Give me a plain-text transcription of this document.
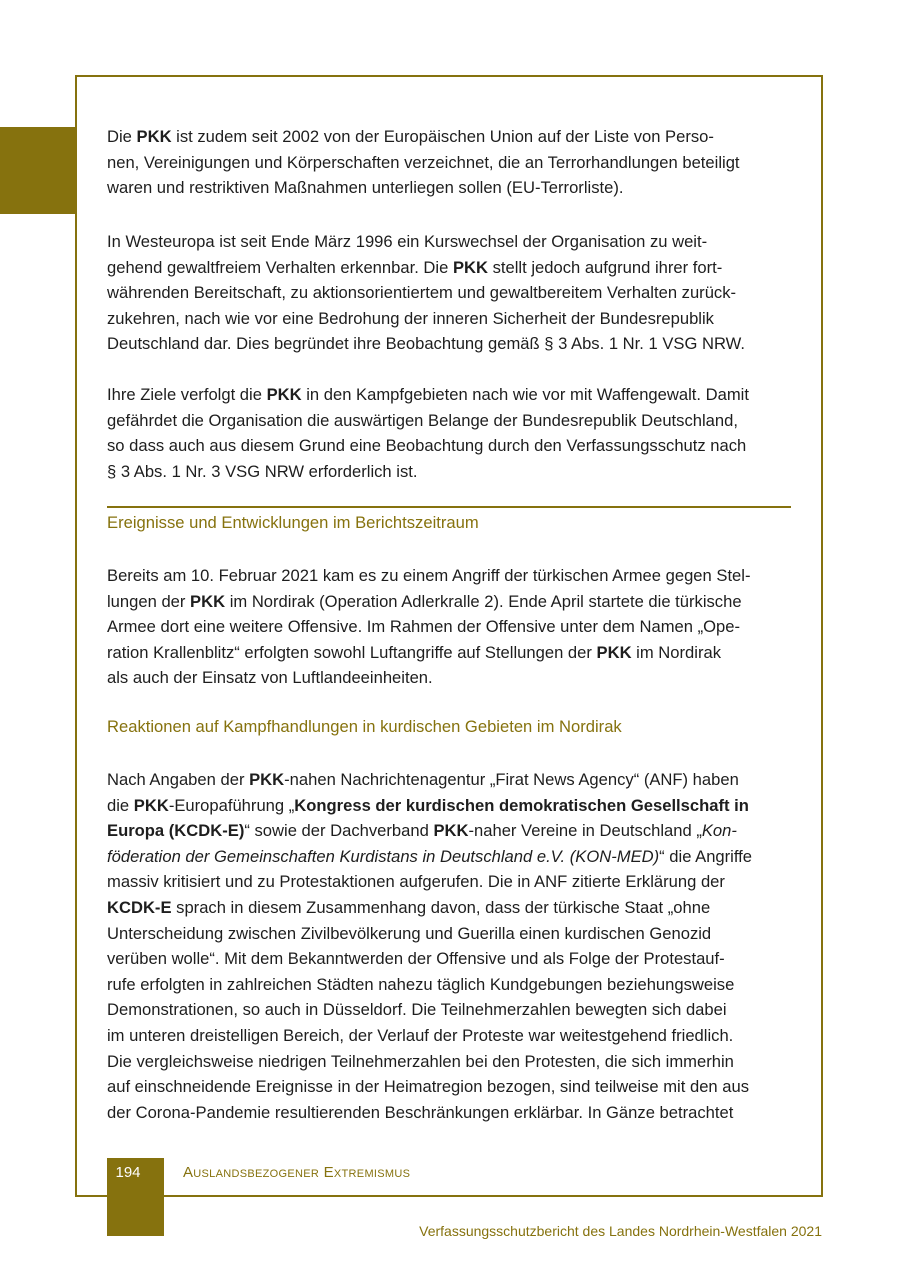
Die PKK ist zudem seit 2002 von der Europäischen Union auf der Liste von Perso-
nen, Vereinigungen und Körperschaften verzeichnet, die an Terrorhandlungen beteiligt
waren und restriktiven Maßnahmen unterliegen sollen (EU-Terrorliste).

In Westeuropa ist seit Ende März 1996 ein Kurswechsel der Organisation zu weit-
gehend gewaltfreiem Verhalten erkennbar. Die PKK stellt jedoch aufgrund ihrer fort-
währenden Bereitschaft, zu aktionsorientiertem und gewaltbereitem Verhalten zurück-
zukehren, nach wie vor eine Bedrohung der inneren Sicherheit der Bundesrepublik
Deutschland dar. Dies begründet ihre Beobachtung gemäß § 3 Abs. 1 Nr. 1 VSG NRW.

Ihre Ziele verfolgt die PKK in den Kampfgebieten nach wie vor mit Waffengewalt. Damit
gefährdet die Organisation die auswärtigen Belange der Bundesrepublik Deutschland,
so dass auch aus diesem Grund eine Beobachtung durch den Verfassungsschutz nach
§ 3 Abs. 1 Nr. 3 VSG NRW erforderlich ist.

Ereignisse und Entwicklungen im Berichtszeitraum

Bereits am 10. Februar 2021 kam es zu einem Angriff der türkischen Armee gegen Stel-
lungen der PKK im Nordirak (Operation Adlerkralle 2). Ende April startete die türkische
Armee dort eine weitere Offensive. Im Rahmen der Offensive unter dem Namen „Ope-
ration Krallenblitz“ erfolgten sowohl Luftangriffe auf Stellungen der PKK im Nordirak
als auch der Einsatz von Luftlandeeinheiten.

Reaktionen auf Kampfhandlungen in kurdischen Gebieten im Nordirak

Nach Angaben der PKK-nahen Nachrichtenagentur „Firat News Agency“ (ANF) haben
die PKK-Europaführung „Kongress der kurdischen demokratischen Gesellschaft in
Europa (KCDK-E)“ sowie der Dachverband PKK-naher Vereine in Deutschland „Kon-
föderation der Gemeinschaften Kurdistans in Deutschland e.V. (KON-MED)“ die Angriffe
massiv kritisiert und zu Protestaktionen aufgerufen. Die in ANF zitierte Erklärung der
KCDK-E sprach in diesem Zusammenhang davon, dass der türkische Staat „ohne
Unterscheidung zwischen Zivilbevölkerung und Guerilla einen kurdischen Genozid
verüben wolle“. Mit dem Bekanntwerden der Offensive und als Folge der Protestauf-
rufe erfolgten in zahlreichen Städten nahezu täglich Kundgebungen beziehungsweise
Demonstrationen, so auch in Düsseldorf. Die Teilnehmerzahlen bewegten sich dabei
im unteren dreistelligen Bereich, der Verlauf der Proteste war weitestgehend friedlich.
Die vergleichsweise niedrigen Teilnehmerzahlen bei den Protesten, die sich immerhin
auf einschneidende Ereignisse in der Heimatregion bezogen, sind teilweise mit den aus
der Corona-Pandemie resultierenden Beschränkungen erklärbar. In Gänze betrachtet

194	Auslandsbezogener Extremismus
Verfassungsschutzbericht des Landes Nordrhein-Westfalen 2021
